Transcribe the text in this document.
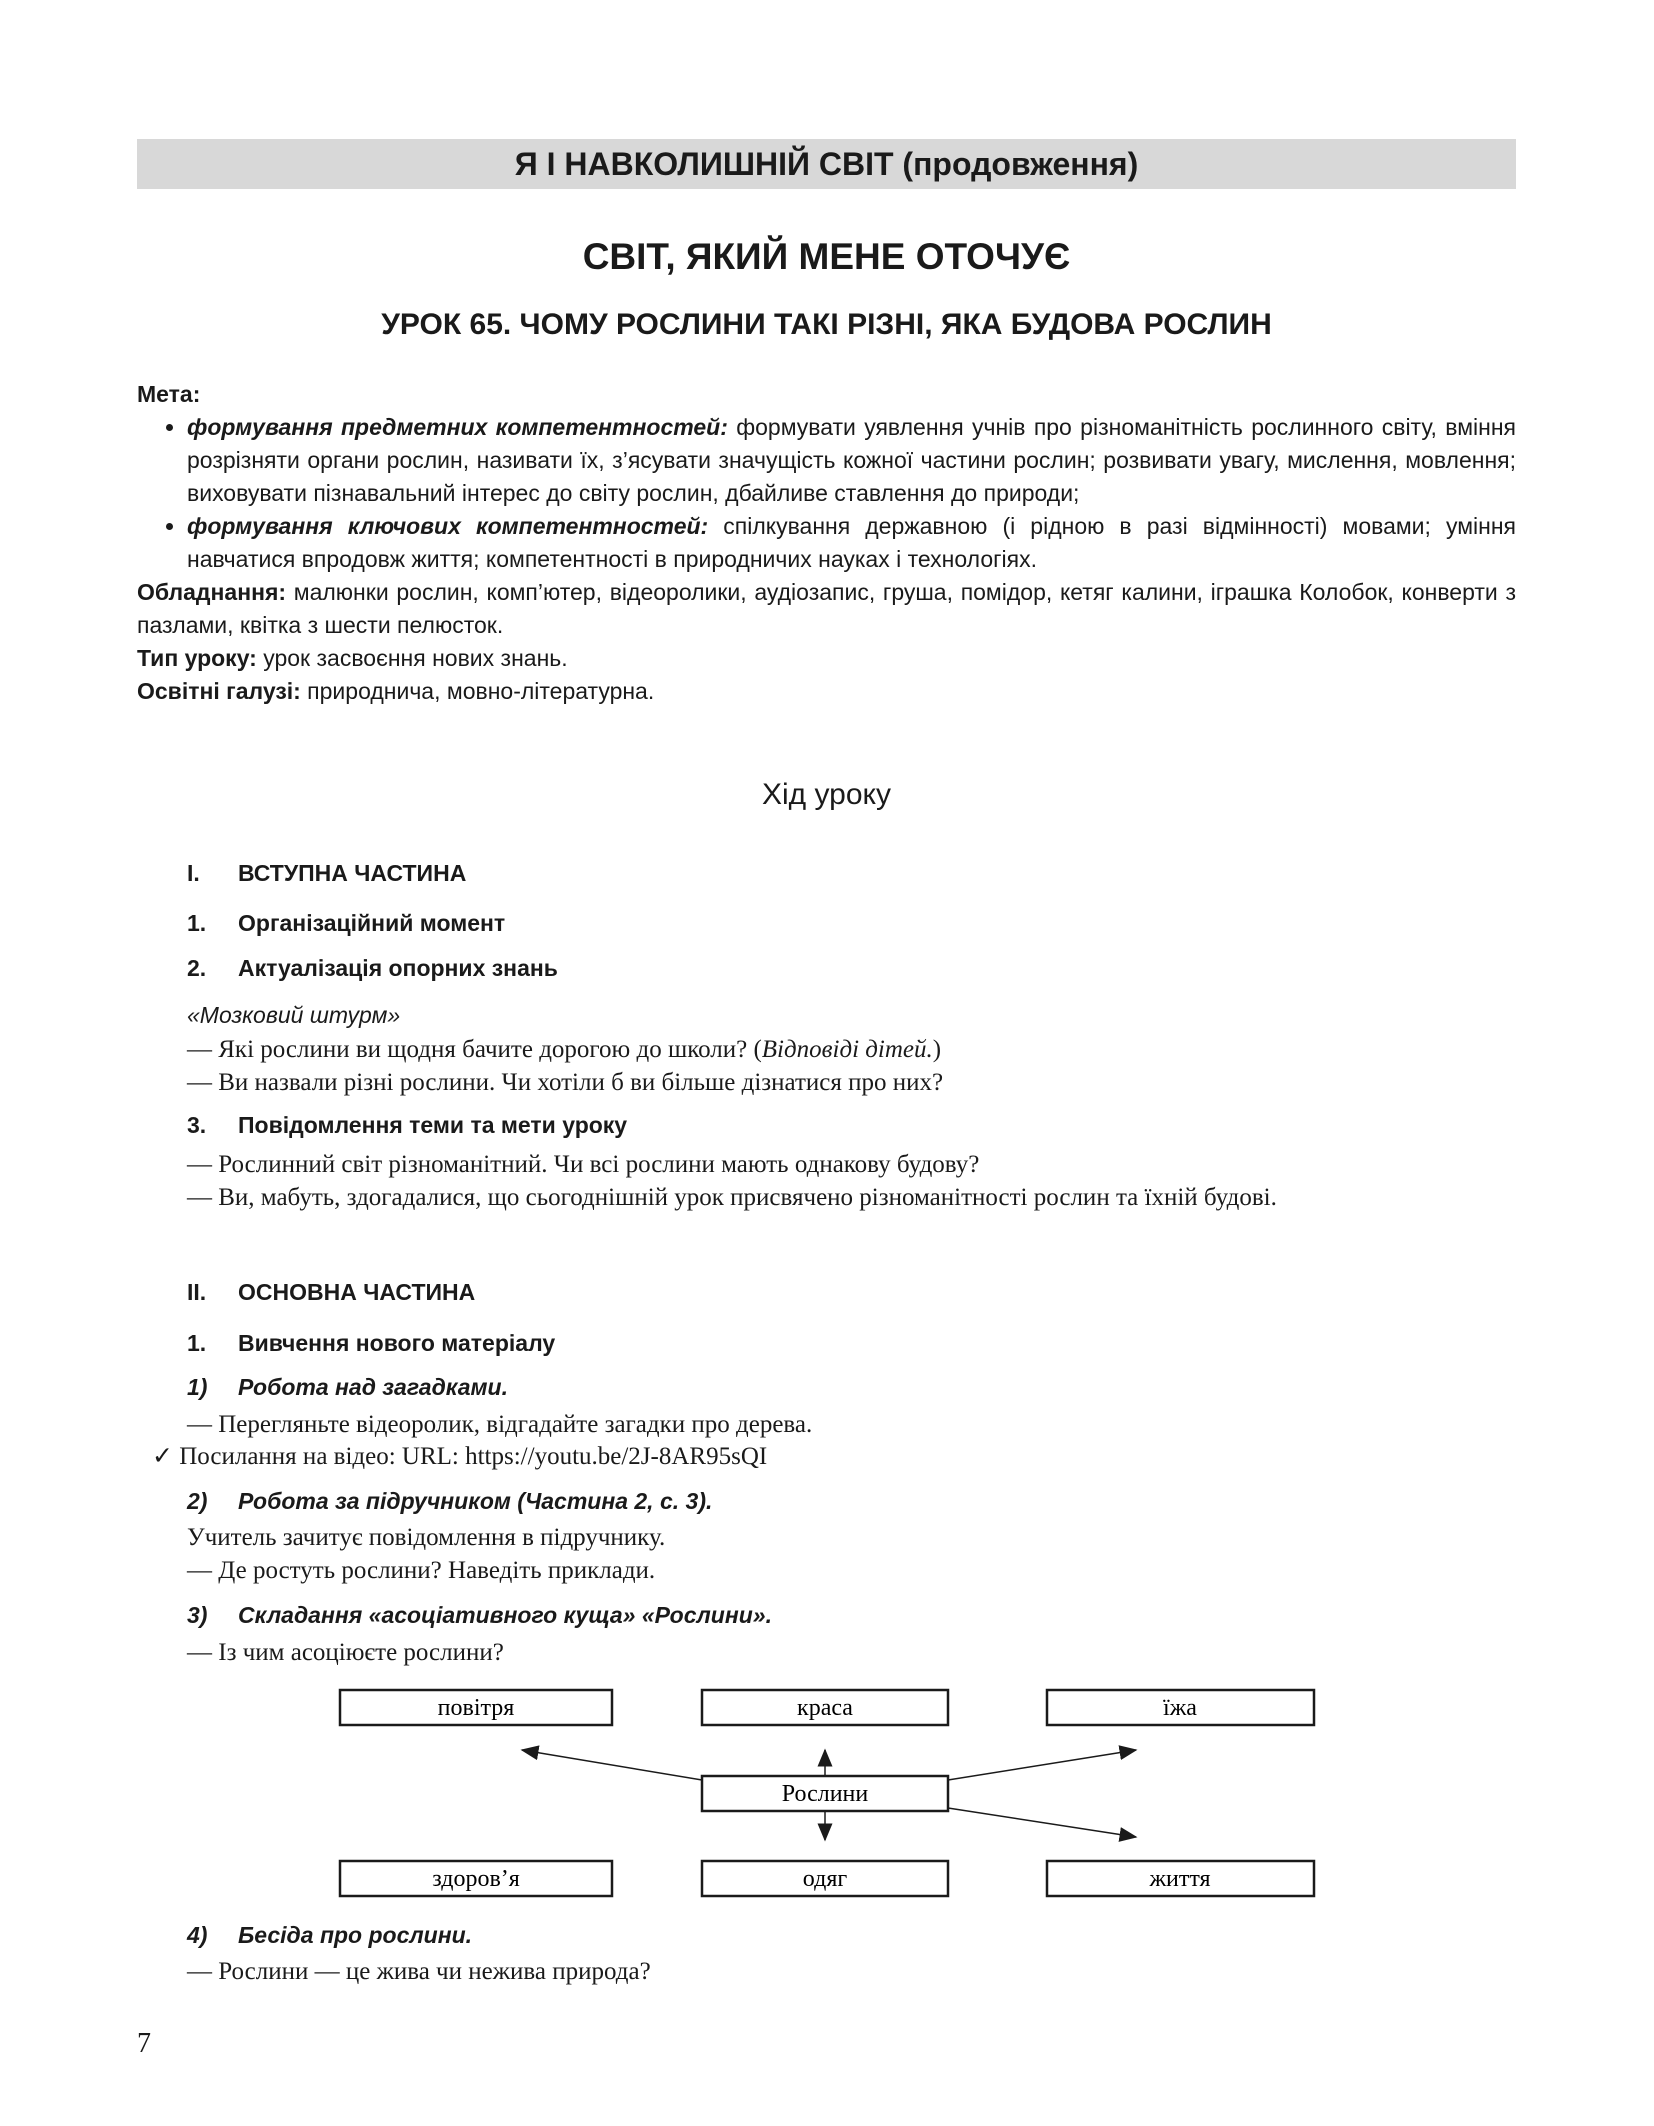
Я І НАВКОЛИШНІЙ СВІТ (продовження)
СВІТ, ЯКИЙ МЕНЕ ОТОЧУЄ
УРОК 65. ЧОМУ РОСЛИНИ ТАКІ РІЗНІ, ЯКА БУДОВА РОСЛИН

Мета:

• формування предметних компетентностей: формувати уявлення учнів про різноманітність рослинного світу, вміння розрізняти органи рослин, називати їх, з’ясувати значущість кожної частини рослин; розвивати увагу, мислення, мовлення; виховувати пізнавальний інтерес до світу рослин, дбайливе ставлення до природи;
• формування ключових компетентностей: спілкування державною (і рідною в разі відмінності) мовами; уміння навчатися впродовж життя; компетентності в природничих науках і технологіях.

Обладнання: малюнки рослин, комп’ютер, відеоролики, аудіозапис, груша, помідор, кетяг калини, іграшка Колобок, конверти з пазлами, квітка з шести пелюсток.

Тип уроку: урок засвоєння нових знань.

Освітні галузі: природнича, мовно-літературна.

Хід уроку
I. ВСТУПНА ЧАСТИНА
1. Організаційний момент
2. Актуалізація опорних знань
«Мозковий штурм»
— Які рослини ви щодня бачите дорогою до школи? (Відповіді дітей.)
— Ви назвали різні рослини. Чи хотіли б ви більше дізнатися про них?
3. Повідомлення теми та мети уроку
— Рослинний світ різноманітний. Чи всі рослини мають однакову будову?
— Ви, мабуть, здогадалися, що сьогоднішній урок присвячено різноманітності рослин та їхній будові.
II. ОСНОВНА ЧАСТИНА
1. Вивчення нового матеріалу
1) Робота над загадками.
— Перегляньте відеоролик, відгадайте загадки про дерева.
✓ Посилання на відео: URL: https://youtu.be/2J-8AR95sQI
2) Робота за підручником (Частина 2, с. 3).
Учитель зачитує повідомлення в підручнику.
— Де ростуть рослини? Наведіть приклади.
3) Складання «асоціативного куща» «Рослини».
— Із чим асоціюєте рослини?
повітря	краса	їжа
Рослини
здоров’я	одяг	життя
4) Бесіда про рослини.
— Рослини — це жива чи нежива природа?
7
